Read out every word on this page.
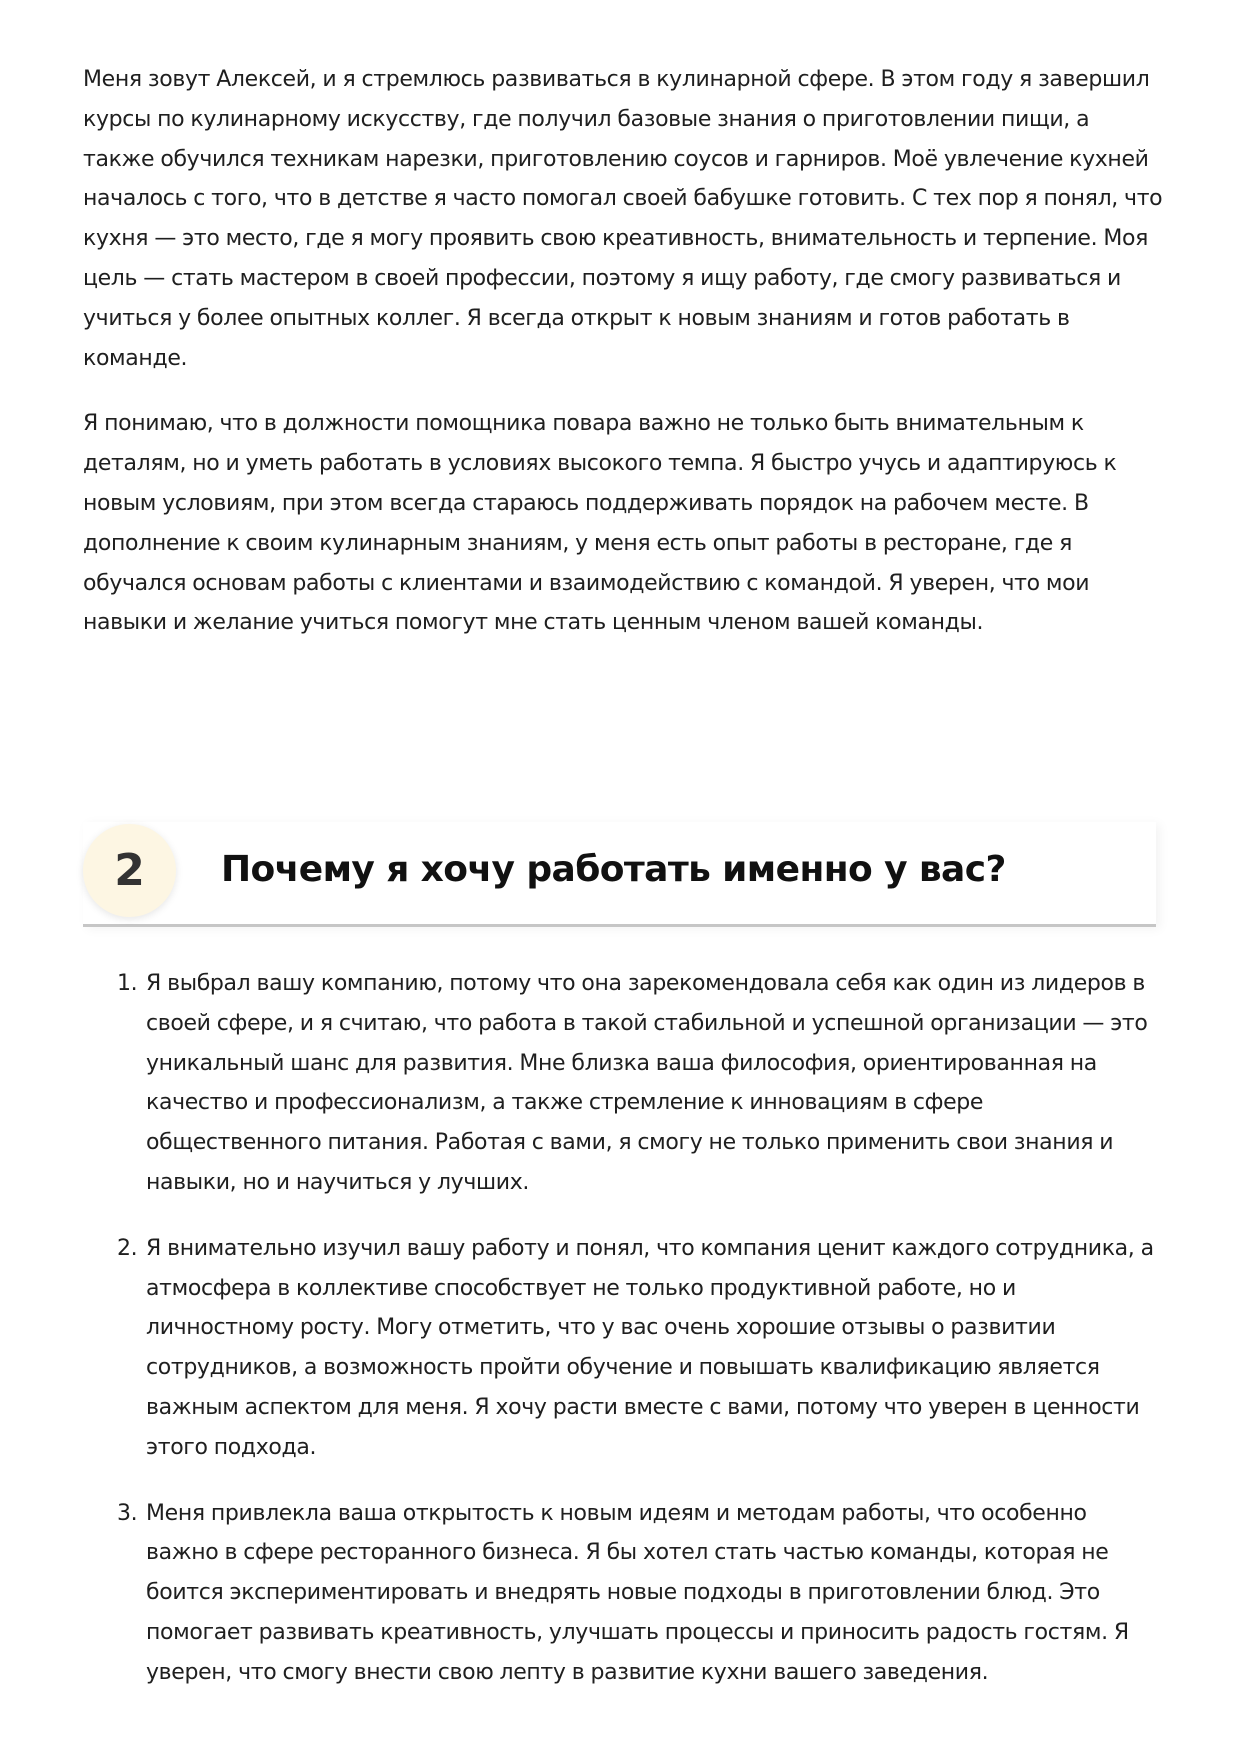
Меня зовут Алексей, и я стремлюсь развиваться в кулинарной сфере. В этом году я завершил курсы по кулинарному искусству, где получил базовые знания о приготовлении пищи, а также обучился техникам нарезки, приготовлению соусов и гарниров. Моё увлечение кухней началось с того, что в детстве я часто помогал своей бабушке готовить. С тех пор я понял, что кухня — это место, где я могу проявить свою креативность, внимательность и терпение. Моя цель — стать мастером в своей профессии, поэтому я ищу работу, где смогу развиваться и учиться у более опытных коллег. Я всегда открыт к новым знаниям и готов работать в команде.

Я понимаю, что в должности помощника повара важно не только быть внимательным к деталям, но и уметь работать в условиях высокого темпа. Я быстро учусь и адаптируюсь к новым условиям, при этом всегда стараюсь поддерживать порядок на рабочем месте. В дополнение к своим кулинарным знаниям, у меня есть опыт работы в ресторане, где я обучался основам работы с клиентами и взаимодействию с командой. Я уверен, что мои навыки и желание учиться помогут мне стать ценным членом вашей команды.

2	Почему я хочу работать именно у вас?
1. Я выбрал вашу компанию, потому что она зарекомендовала себя как один из лидеров в своей сфере, и я считаю, что работа в такой стабильной и успешной организации — это уникальный шанс для развития. Мне близка ваша философия, ориентированная на качество и профессионализм, а также стремление к инновациям в сфере общественного питания. Работая с вами, я смогу не только применить свои знания и навыки, но и научиться у лучших.
2. Я внимательно изучил вашу работу и понял, что компания ценит каждого сотрудника, а атмосфера в коллективе способствует не только продуктивной работе, но и личностному росту. Могу отметить, что у вас очень хорошие отзывы о развитии сотрудников, а возможность пройти обучение и повышать квалификацию является важным аспектом для меня. Я хочу расти вместе с вами, потому что уверен в ценности этого подхода.
3. Меня привлекла ваша открытость к новым идеям и методам работы, что особенно важно в сфере ресторанного бизнеса. Я бы хотел стать частью команды, которая не боится экспериментировать и внедрять новые подходы в приготовлении блюд. Это помогает развивать креативность, улучшать процессы и приносить радость гостям. Я уверен, что смогу внести свою лепту в развитие кухни вашего заведения.
